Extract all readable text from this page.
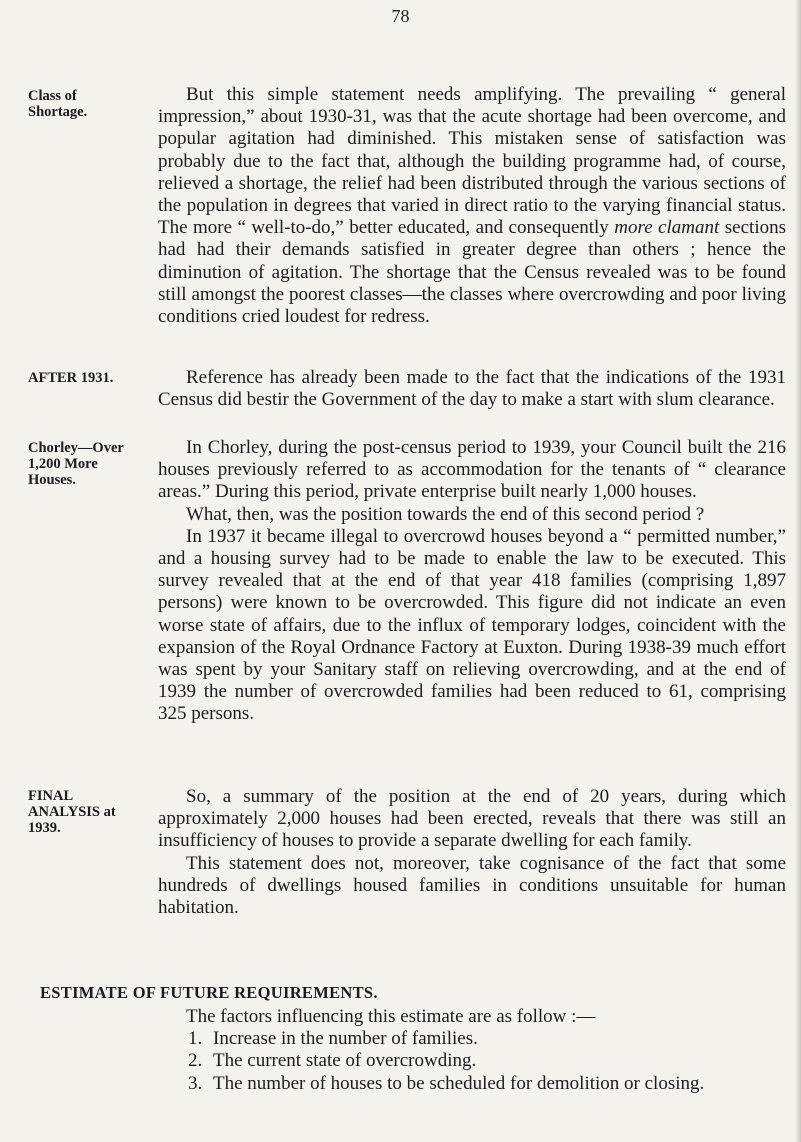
78
Class of Shortage.
AFTER 1931.
Chorley—Over 1,200 More Houses.
FINAL ANALYSIS at 1939.

But this simple statement needs amplifying. The prevailing “ general impression,” about 1930-31, was that the acute shortage had been overcome, and popular agitation had diminished. This mistaken sense of satisfaction was probably due to the fact that, although the building programme had, of course, relieved a shortage, the relief had been distributed through the various sections of the population in degrees that varied in direct ratio to the varying financial status. The more “ well-to-do,” better educated, and consequently more clamant sections had had their demands satisfied in greater degree than others ; hence the diminution of agitation. The shortage that the Census revealed was to be found still amongst the poorest classes—the classes where overcrowding and poor living conditions cried loudest for redress.

Reference has already been made to the fact that the indications of the 1931 Census did bestir the Government of the day to make a start with slum clearance.

In Chorley, during the post-census period to 1939, your Council built the 216 houses previously referred to as accommodation for the tenants of “ clearance areas.” During this period, private enterprise built nearly 1,000 houses.

What, then, was the position towards the end of this second period ?

In 1937 it became illegal to overcrowd houses beyond a “ permitted number,” and a housing survey had to be made to enable the law to be executed. This survey revealed that at the end of that year 418 families (comprising 1,897 persons) were known to be overcrowded. This figure did not indicate an even worse state of affairs, due to the influx of temporary lodges, coincident with the expansion of the Royal Ordnance Factory at Euxton. During 1938-39 much effort was spent by your Sanitary staff on relieving overcrowding, and at the end of 1939 the number of overcrowded families had been reduced to 61, comprising 325 persons.

So, a summary of the position at the end of 20 years, during which approximately 2,000 houses had been erected, reveals that there was still an insufficiency of houses to provide a separate dwelling for each family.

This statement does not, moreover, take cognisance of the fact that some hundreds of dwellings housed families in conditions unsuitable for human habitation.

ESTIMATE OF FUTURE REQUIREMENTS.

The factors influencing this estimate are as follow :—

1. Increase in the number of families.
2. The current state of overcrowding.
3. The number of houses to be scheduled for demolition or closing.
